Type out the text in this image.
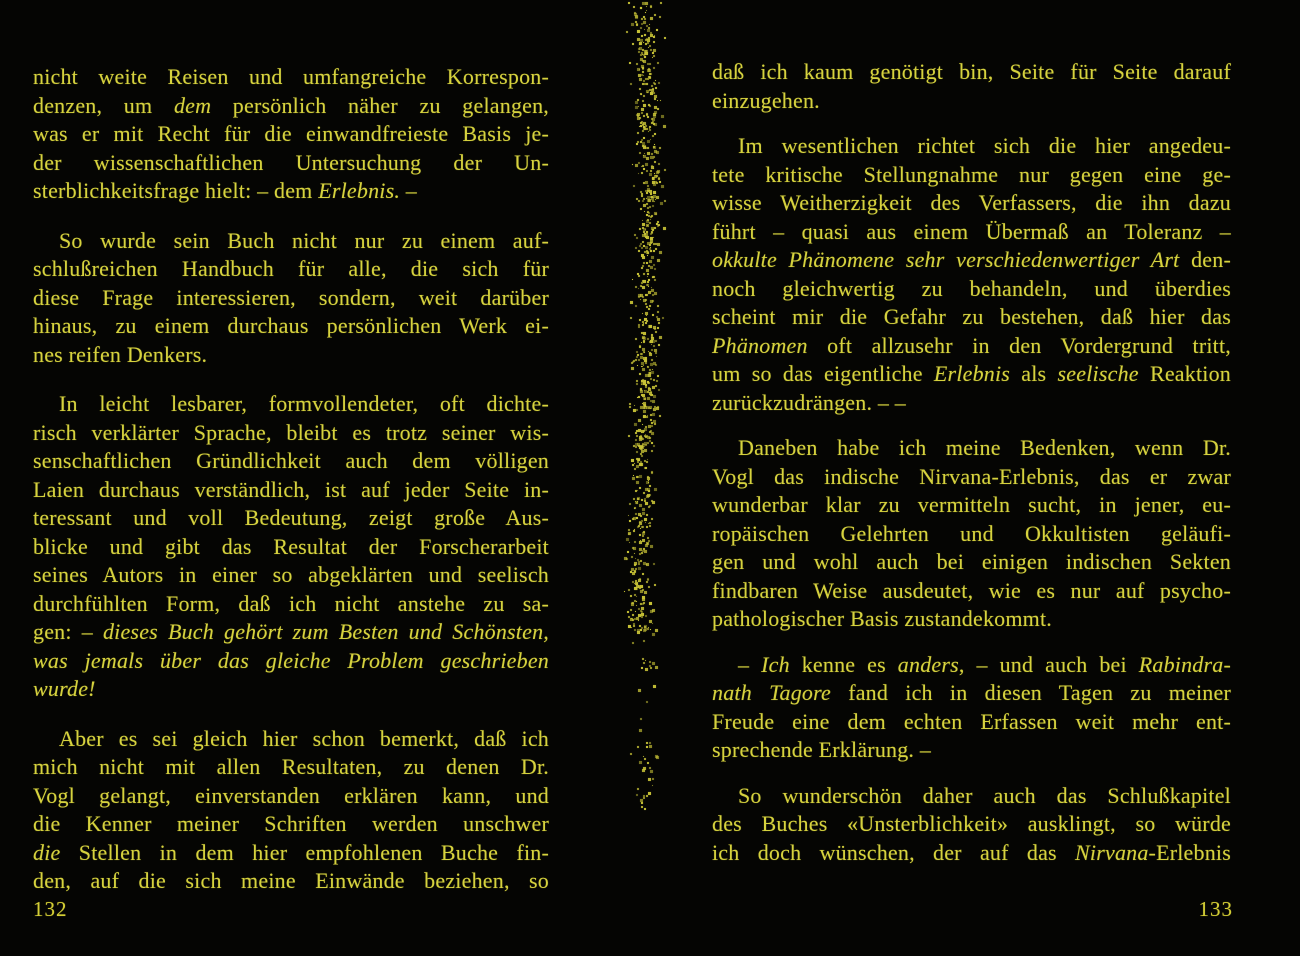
nicht weite Reisen und umfangreiche Korrespon-
denzen, um dem persönlich näher zu gelangen,
was er mit Recht für die einwandfreieste Basis je-
der wissenschaftlichen Untersuchung der Un-
sterblichkeitsfrage hielt: – dem Erlebnis. –
So wurde sein Buch nicht nur zu einem auf-
schlußreichen Handbuch für alle, die sich für
diese Frage interessieren, sondern, weit darüber
hinaus, zu einem durchaus persönlichen Werk ei-
nes reifen Denkers.
In leicht lesbarer, formvollendeter, oft dichte-
risch verklärter Sprache, bleibt es trotz seiner wis-
senschaftlichen Gründlichkeit auch dem völligen
Laien durchaus verständlich, ist auf jeder Seite in-
teressant und voll Bedeutung, zeigt große Aus-
blicke und gibt das Resultat der Forscherarbeit
seines Autors in einer so abgeklärten und seelisch
durchfühlten Form, daß ich nicht anstehe zu sa-
gen: – dieses Buch gehört zum Besten und Schönsten,
was jemals über das gleiche Problem geschrieben wurde!
Aber es sei gleich hier schon bemerkt, daß ich
mich nicht mit allen Resultaten, zu denen Dr.
Vogl gelangt, einverstanden erklären kann, und
die Kenner meiner Schriften werden unschwer
die Stellen in dem hier empfohlenen Buche fin-
den, auf die sich meine Einwände beziehen, so
daß ich kaum genötigt bin, Seite für Seite darauf
einzugehen.
Im wesentlichen richtet sich die hier angedeu-
tete kritische Stellungnahme nur gegen eine ge-
wisse Weitherzigkeit des Verfassers, die ihn dazu
führt – quasi aus einem Übermaß an Toleranz –
okkulte Phänomene sehr verschiedenwertiger Art den-
noch gleichwertig zu behandeln, und überdies
scheint mir die Gefahr zu bestehen, daß hier das
Phänomen oft allzusehr in den Vordergrund tritt,
um so das eigentliche Erlebnis als seelische Reaktion
zurückzudrängen. – –
Daneben habe ich meine Bedenken, wenn Dr.
Vogl das indische Nirvana-Erlebnis, das er zwar
wunderbar klar zu vermitteln sucht, in jener, eu-
ropäischen Gelehrten und Okkultisten geläufi-
gen und wohl auch bei einigen indischen Sekten
findbaren Weise ausdeutet, wie es nur auf psycho-
pathologischer Basis zustandekommt.
– Ich kenne es anders, – und auch bei Rabindra-
nath Tagore fand ich in diesen Tagen zu meiner
Freude eine dem echten Erfassen weit mehr ent-
sprechende Erklärung. –
So wunderschön daher auch das Schlußkapitel
des Buches «Unsterblichkeit» ausklingt, so würde
ich doch wünschen, der auf das Nirvana-Erlebnis
132	133
